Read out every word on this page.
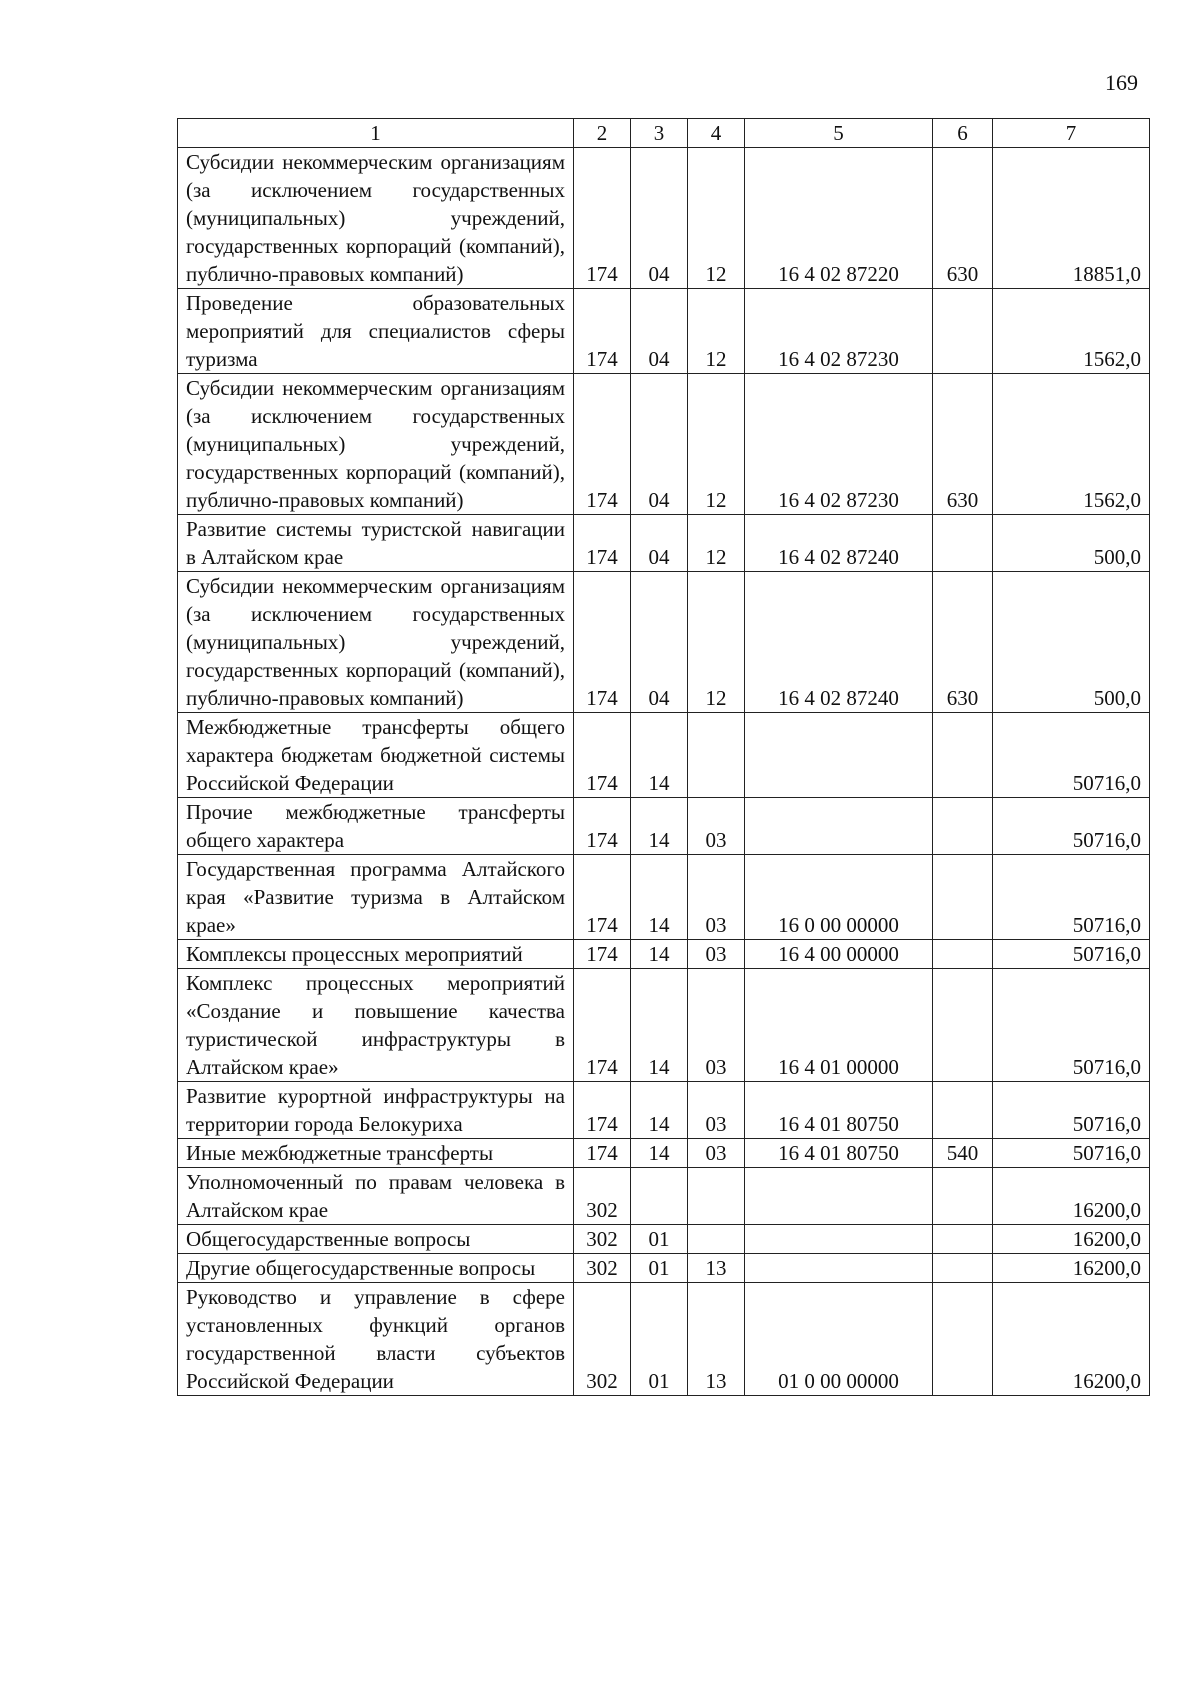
169
1	2	3	4	5	6	7
Субсидии некоммерческим организациям (за исключением государственных (муниципальных) учреждений, государственных корпораций (компаний), публично-правовых компаний)	174	04	12	16 4 02 87220	630	18851,0
Проведение образовательных мероприятий для специалистов сферы туризма	174	04	12	16 4 02 87230		1562,0
Субсидии некоммерческим организациям (за исключением государственных (муниципальных) учреждений, государственных корпораций (компаний), публично-правовых компаний)	174	04	12	16 4 02 87230	630	1562,0
Развитие системы туристской навигации в Алтайском крае	174	04	12	16 4 02 87240		500,0
Субсидии некоммерческим организациям (за исключением государственных (муниципальных) учреждений, государственных корпораций (компаний), публично-правовых компаний)	174	04	12	16 4 02 87240	630	500,0
Межбюджетные трансферты общего характера бюджетам бюджетной системы Российской Федерации	174	14				50716,0
Прочие межбюджетные трансферты общего характера	174	14	03			50716,0
Государственная программа Алтайского края «Развитие туризма в Алтайском крае»	174	14	03	16 0 00 00000		50716,0
Комплексы процессных мероприятий	174	14	03	16 4 00 00000		50716,0
Комплекс процессных мероприятий «Создание и повышение качества туристической инфраструктуры в Алтайском крае»	174	14	03	16 4 01 00000		50716,0
Развитие курортной инфраструктуры на территории города Белокуриха	174	14	03	16 4 01 80750		50716,0
Иные межбюджетные трансферты	174	14	03	16 4 01 80750	540	50716,0
Уполномоченный по правам человека в Алтайском крае	302					16200,0
Общегосударственные вопросы	302	01				16200,0
Другие общегосударственные вопросы	302	01	13			16200,0
Руководство и управление в сфере установленных функций органов государственной власти субъектов Российской Федерации	302	01	13	01 0 00 00000		16200,0
